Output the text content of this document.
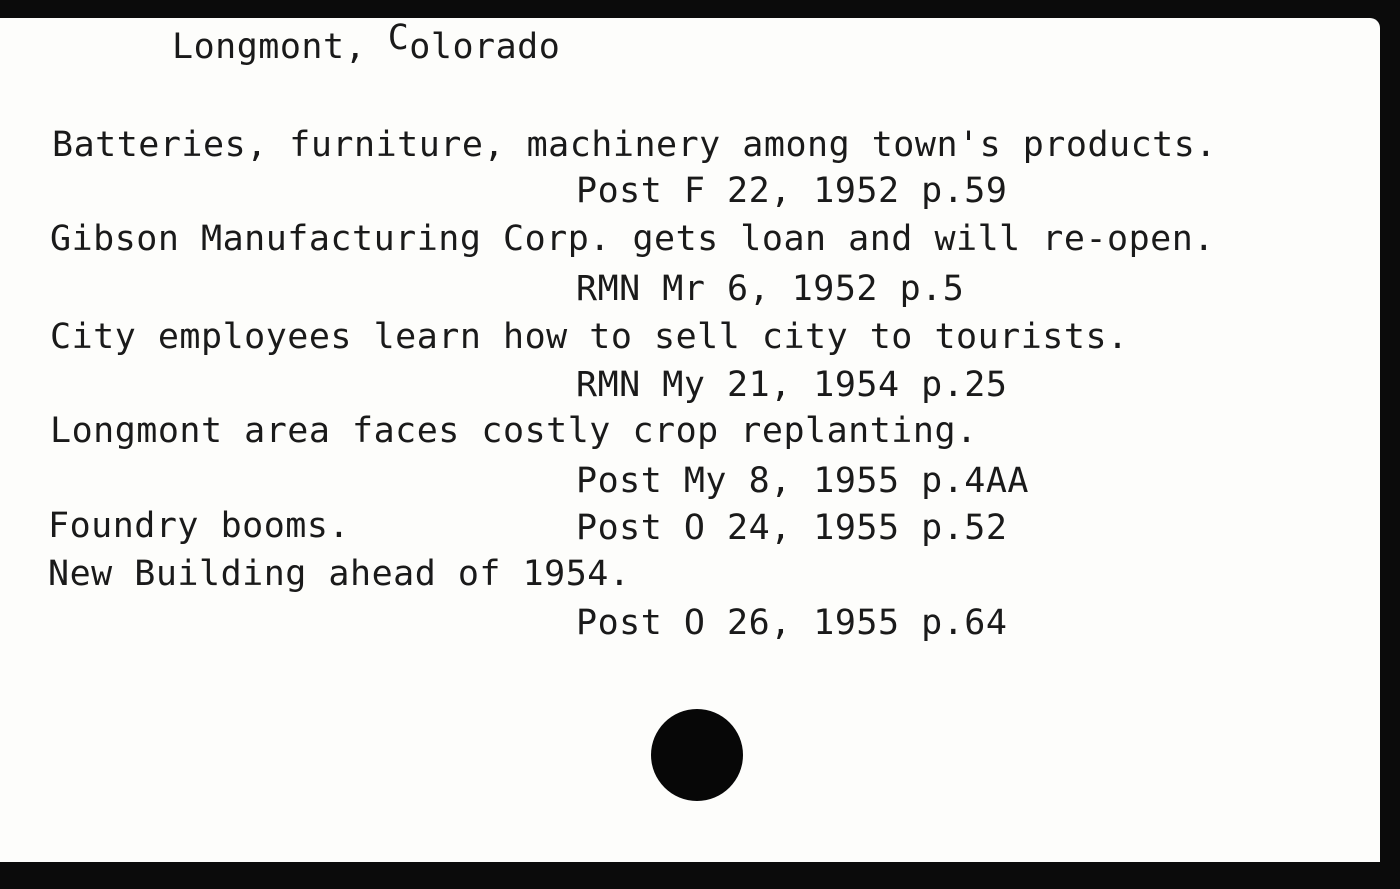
Longmont, Colorado
Batteries, furniture, machinery among town's products.
Post F 22, 1952 p.59
Gibson Manufacturing Corp. gets loan and will re-open.
RMN Mr 6, 1952 p.5
City employees learn how to sell city to tourists.
RMN My 21, 1954 p.25
Longmont area faces costly crop replanting.
Post My 8, 1955 p.4AA
Foundry booms.	Post O 24, 1955 p.52
New Building ahead of 1954.
Post O 26, 1955 p.64
